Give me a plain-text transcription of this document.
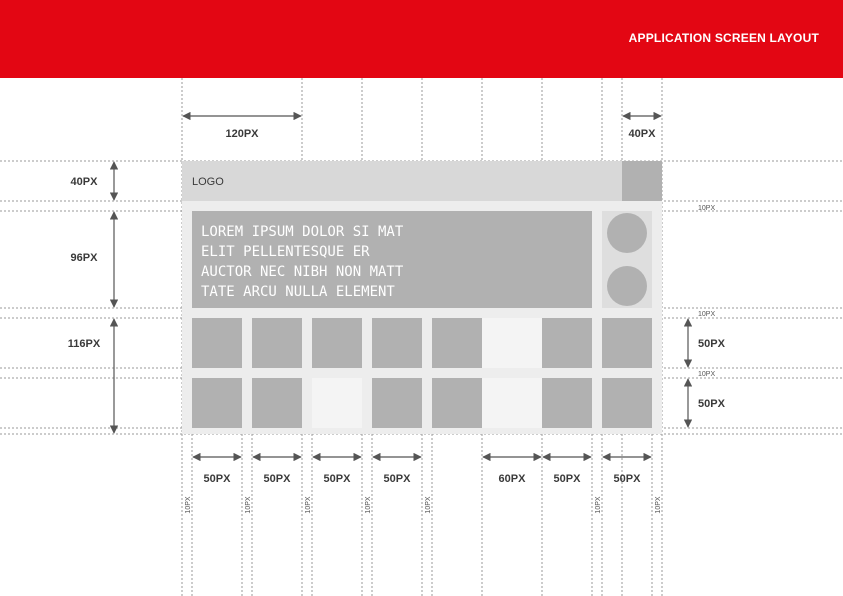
APPLICATION SCREEN LAYOUT
LOGO
LOREM IPSUM DOLOR SI MAT
ELIT PELLENTESQUE ER
AUCTOR NEC NIBH NON MATT
TATE ARCU NULLA ELEMENT
120PX	40PX
40PX
96PX
116PX	50PX
50PX
10PX
10PX
10PX
50PX	50PX	50PX	50PX	60PX	50PX	50PX
10PX	10PX	10PX	10PX	10PX	10PX	10PX
